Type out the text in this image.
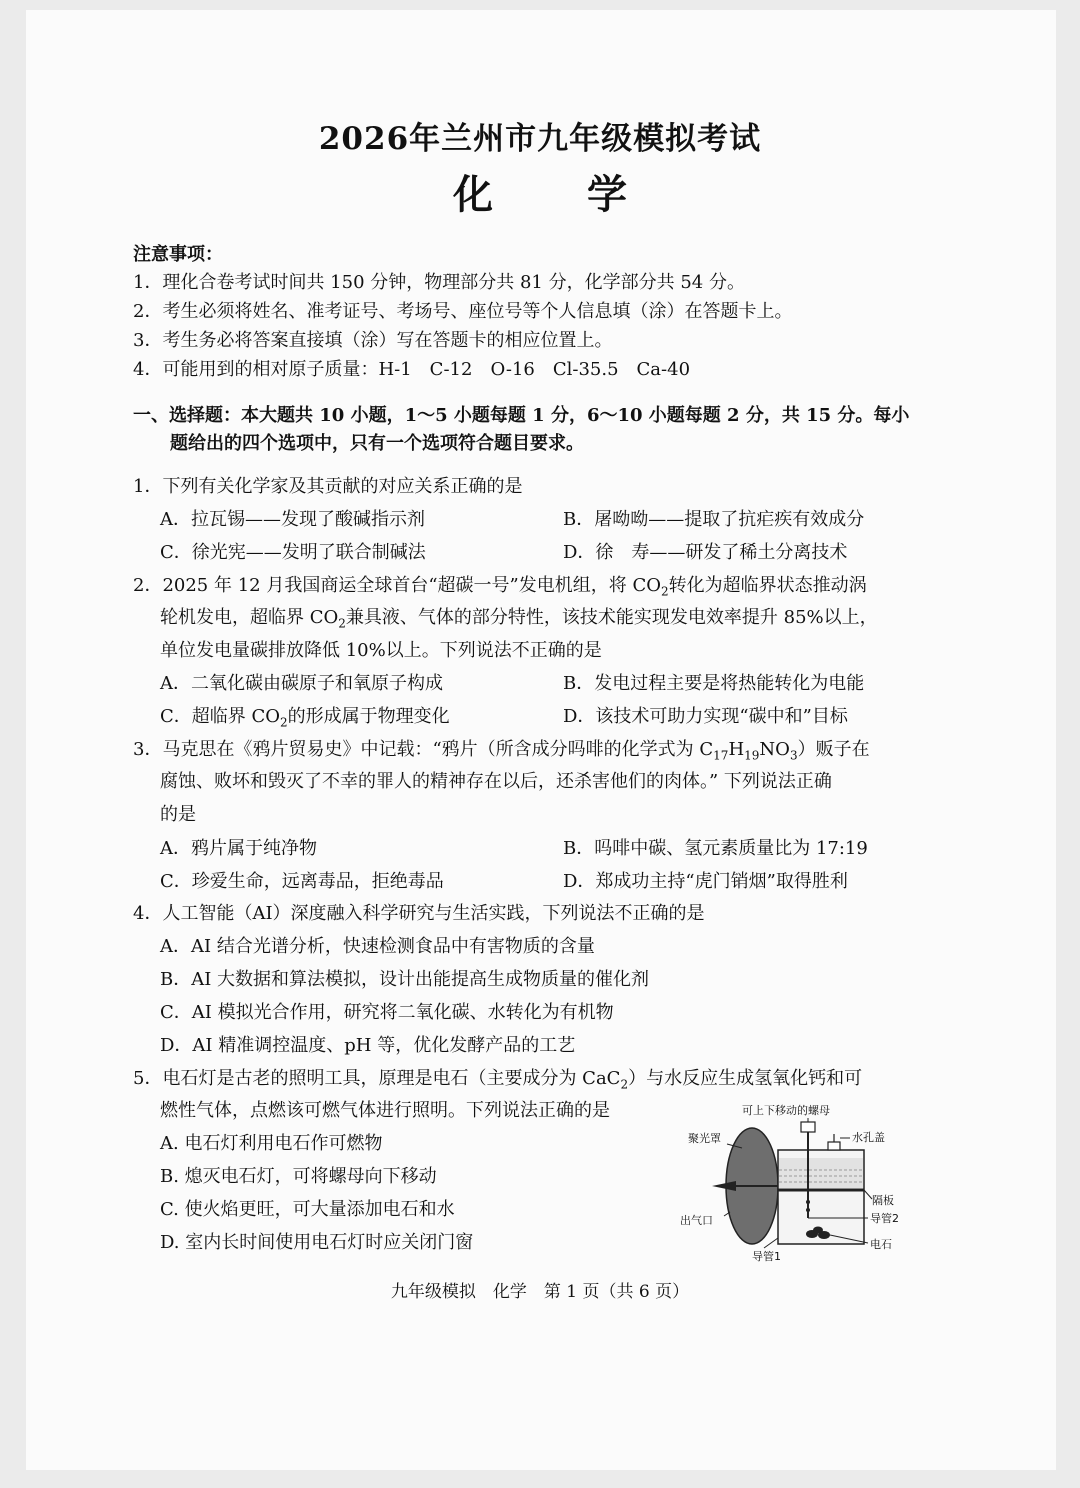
2026年兰州市九年级模拟考试
化 学
注意事项：
1．理化合卷考试时间共 150 分钟，物理部分共 81 分，化学部分共 54 分。
2．考生必须将姓名、准考证号、考场号、座位号等个人信息填（涂）在答题卡上。
3．考生务必将答案直接填（涂）写在答题卡的相应位置上。
4．可能用到的相对原子质量：H-1　C-12　O-16　Cl-35.5　Ca-40
一、选择题：本大题共 10 小题，1～5 小题每题 1 分，6～10 小题每题 2 分，共 15 分。每小
题给出的四个选项中，只有一个选项符合题目要求。
1．下列有关化学家及其贡献的对应关系正确的是
A．拉瓦锡——发现了酸碱指示剂	B．屠呦呦——提取了抗疟疾有效成分
C．徐光宪——发明了联合制碱法	D．徐　寿——研发了稀土分离技术
2．2025 年 12 月我国商运全球首台“超碳一号”发电机组，将 $CO_2$转化为超临界状态推动涡
轮机发电，超临界 $CO_2$兼具液、气体的部分特性，该技术能实现发电效率提升 85%以上，
单位发电量碳排放降低 10%以上。下列说法不正确的是
A．二氧化碳由碳原子和氧原子构成	B．发电过程主要是将热能转化为电能
C．超临界 $CO_2$的形成属于物理变化	D．该技术可助力实现“碳中和”目标
3．马克思在《鸦片贸易史》中记载：“鸦片（所含成分吗啡的化学式为 $C_{17}H_{19}NO_3$）贩子在
腐蚀、败坏和毁灭了不幸的罪人的精神存在以后，还杀害他们的肉体。” 下列说法正确
的是
A．鸦片属于纯净物	B．吗啡中碳、氢元素质量比为 17:19
C．珍爱生命，远离毒品，拒绝毒品	D．郑成功主持“虎门销烟”取得胜利
4．人工智能（AI）深度融入科学研究与生活实践，下列说法不正确的是
A．AI 结合光谱分析，快速检测食品中有害物质的含量
B．AI 大数据和算法模拟，设计出能提高生成物质量的催化剂
C．AI 模拟光合作用，研究将二氧化碳、水转化为有机物
D．AI 精准调控温度、pH 等，优化发酵产品的工艺
5．电石灯是古老的照明工具，原理是电石（主要成分为 CaC$_2$）与水反应生成氢氧化钙和可
燃性气体，点燃该可燃气体进行照明。下列说法正确的是
A. 电石灯利用电石作可燃物
B. 熄灭电石灯，可将螺母向下移动
C. 使火焰更旺，可大量添加电石和水
D. 室内长时间使用电石灯时应关闭门窗
可上下移动的螺母
聚光罩	水孔盖
隔板
出气口	导管2
电石
导管1
九年级模拟　化学　第 1 页（共 6 页）
